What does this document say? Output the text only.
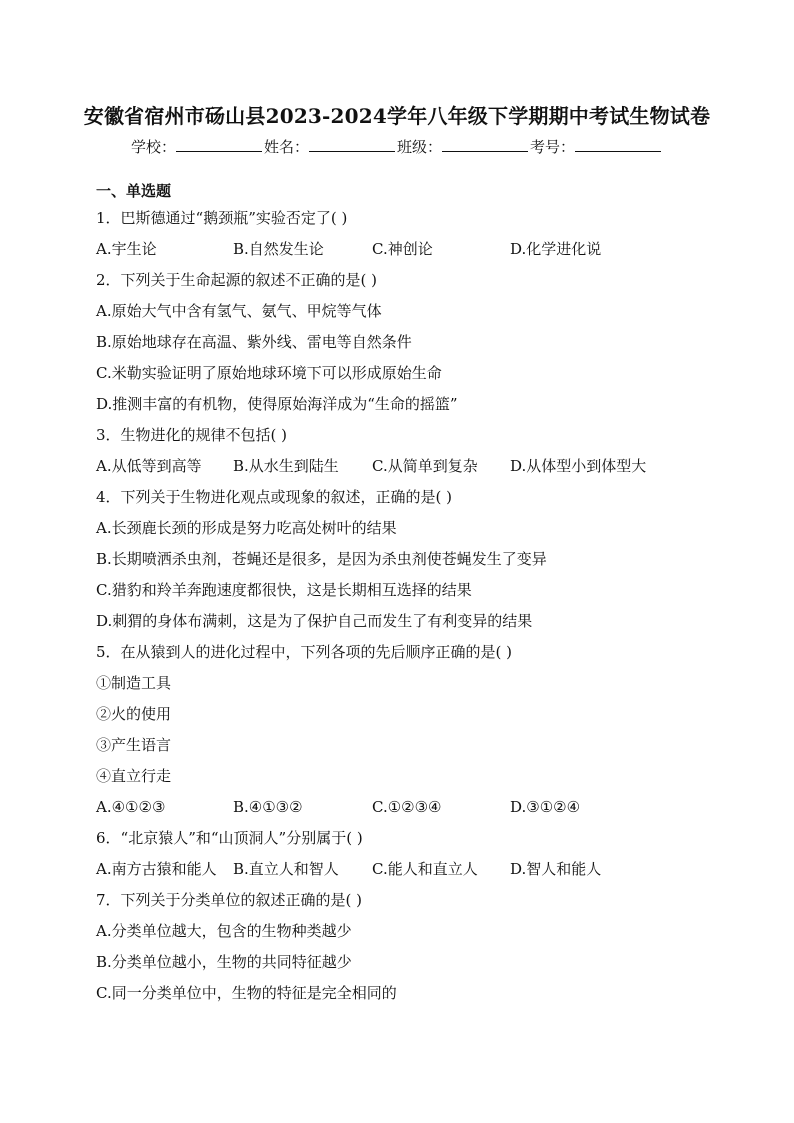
安徽省宿州市砀山县2023-2024学年八年级下学期期中考试生物试卷
学校：	姓名：	班级：	考号：
一、单选题
1．巴斯德通过“鹅颈瓶”实验否定了( )
A.宇生论	B.自然发生论	C.神创论	D.化学进化说
2．下列关于生命起源的叙述不正确的是( )
A.原始大气中含有氢气、氨气、甲烷等气体
B.原始地球存在高温、紫外线、雷电等自然条件
C.米勒实验证明了原始地球环境下可以形成原始生命
D.推测丰富的有机物，使得原始海洋成为“生命的摇篮”
3．生物进化的规律不包括( )
A.从低等到高等 B.从水生到陆生 C.从简单到复杂 D.从体型小到体型大
4．下列关于生物进化观点或现象的叙述，正确的是( )
A.长颈鹿长颈的形成是努力吃高处树叶的结果
B.长期喷洒杀虫剂，苍蝇还是很多，是因为杀虫剂使苍蝇发生了变异
C.猎豹和羚羊奔跑速度都很快，这是长期相互选择的结果
D.刺猬的身体布满刺，这是为了保护自己而发生了有利变异的结果
5．在从猿到人的进化过程中，下列各项的先后顺序正确的是( )
①制造工具
②火的使用
③产生语言
④直立行走
A.④①②③	B.④①③②	C.①②③④	D.③①②④
6．“北京猿人”和“山顶洞人”分别属于( )
A.南方古猿和能人 B.直立人和智人 C.能人和直立人 D.智人和能人
7．下列关于分类单位的叙述正确的是( )
A.分类单位越大，包含的生物种类越少
B.分类单位越小，生物的共同特征越少
C.同一分类单位中，生物的特征是完全相同的
